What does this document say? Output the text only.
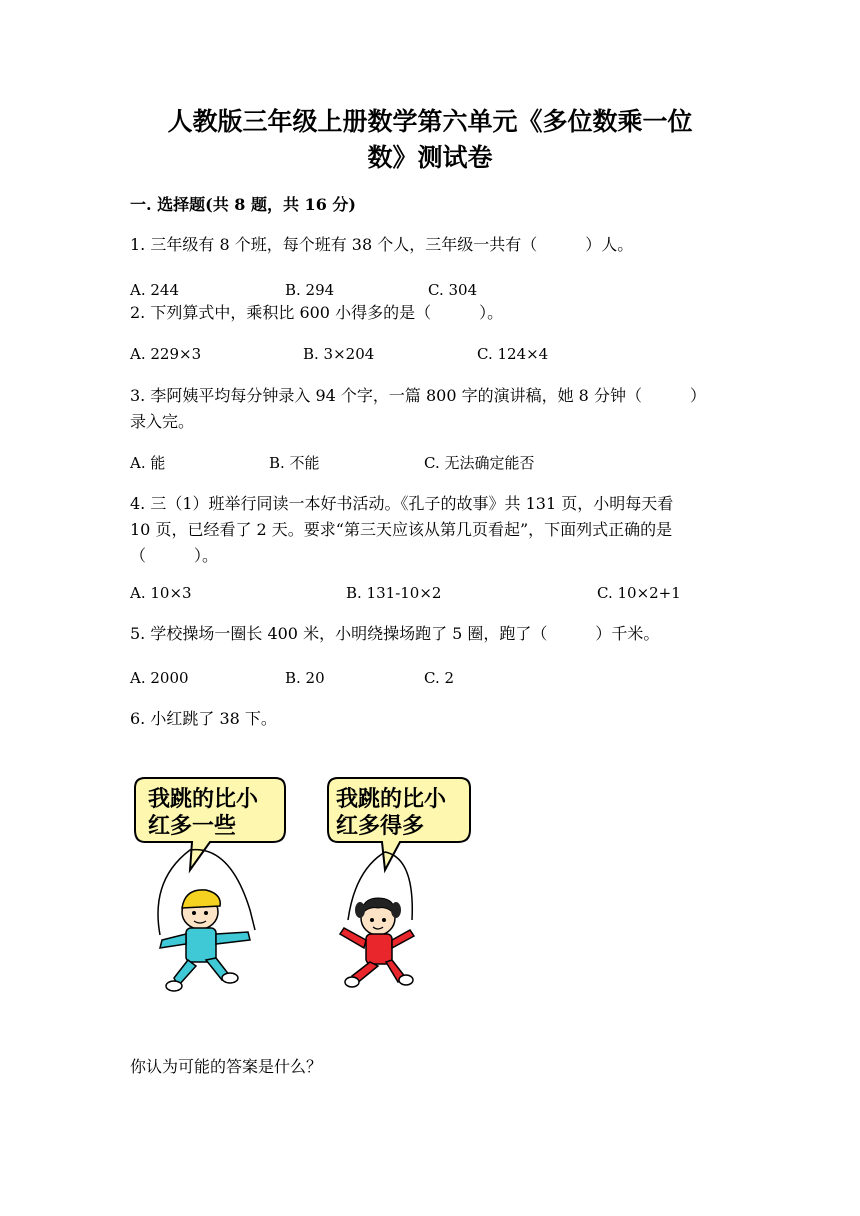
人教版三年级上册数学第六单元《多位数乘一位
数》测试卷
一. 选择题(共 8 题，共 16 分)
1. 三年级有 8 个班，每个班有 38 个人，三年级一共有（　　　）人。
A. 244	B. 294	C. 304
2. 下列算式中，乘积比 600 小得多的是（　　　）。
A. 229×3	B. 3×204	C. 124×4
3. 李阿姨平均每分钟录入 94 个字，一篇 800 字的演讲稿，她 8 分钟（　　　）
录入完。
A. 能	B. 不能	C. 无法确定能否
4. 三（1）班举行同读一本好书活动。《孔子的故事》共 131 页，小明每天看
10 页，已经看了 2 天。要求“第三天应该从第几页看起”，下面列式正确的是
（　　　）。
A. 10×3	B. 131-10×2	C. 10×2+1
5. 学校操场一圈长 400 米，小明绕操场跑了 5 圈，跑了（　　　）千米。
A. 2000	B. 20	C. 2
6. 小红跳了 38 下。
我跳的比小
红多一些
我跳的比小
红多得多
你认为可能的答案是什么？
